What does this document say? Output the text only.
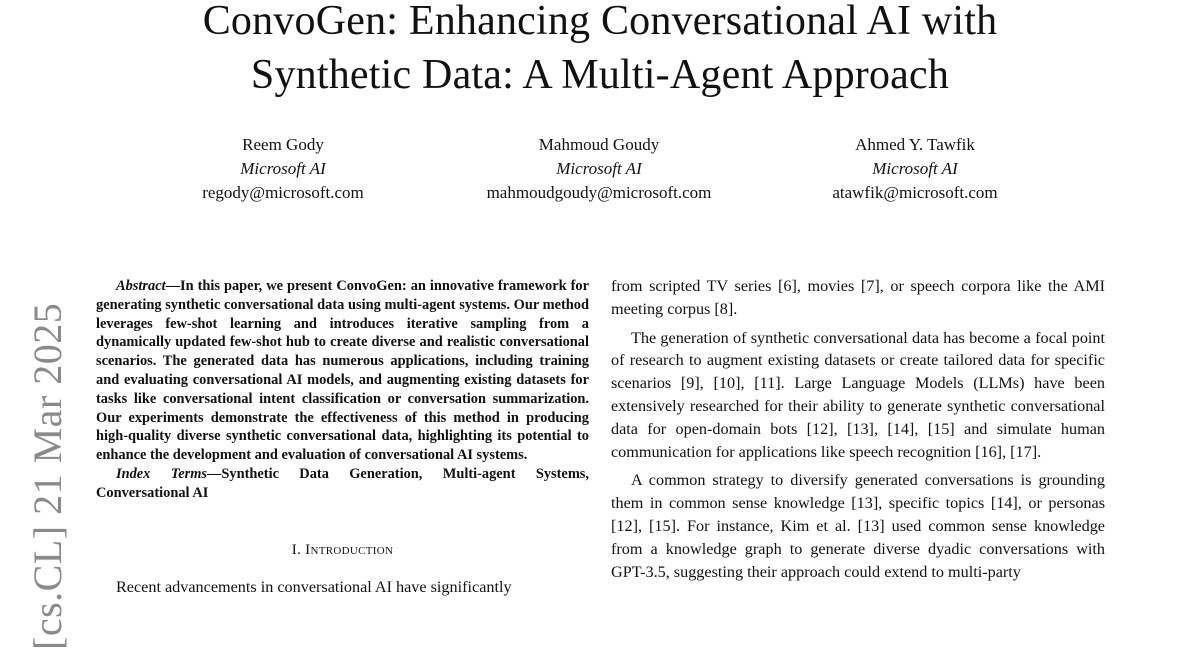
ConvoGen: Enhancing Conversational AI with
Synthetic Data: A Multi-Agent Approach
Reem Gody
Microsoft AI
regody@microsoft.com
Mahmoud Goudy
Microsoft AI
mahmoudgoudy@microsoft.com
Ahmed Y. Tawfik
Microsoft AI
atawfik@microsoft.com
[cs.CL] 21 Mar 2025

Abstract—In this paper, we present ConvoGen: an innovative framework for generating synthetic conversational data using multi-agent systems. Our method leverages few-shot learning and introduces iterative sampling from a dynamically updated few-shot hub to create diverse and realistic conversational scenarios. The generated data has numerous applications, including training and evaluating conversational AI models, and augmenting existing datasets for tasks like conversational intent classification or conversation summarization. Our experiments demonstrate the effectiveness of this method in producing high-quality diverse synthetic conversational data, highlighting its potential to enhance the development and evaluation of conversational AI systems.

Index Terms—Synthetic Data Generation, Multi-agent Systems, Conversational AI

I. Introduction

Recent advancements in conversational AI have significantly

from scripted TV series [6], movies [7], or speech corpora like the AMI meeting corpus [8].

The generation of synthetic conversational data has become a focal point of research to augment existing datasets or create tailored data for specific scenarios [9], [10], [11]. Large Language Models (LLMs) have been extensively researched for their ability to generate synthetic conversational data for open-domain bots [12], [13], [14], [15] and simulate human communication for applications like speech recognition [16], [17].

A common strategy to diversify generated conversations is grounding them in common sense knowledge [13], specific topics [14], or personas [12], [15]. For instance, Kim et al. [13] used common sense knowledge from a knowledge graph to generate diverse dyadic conversations with GPT-3.5, suggesting their approach could extend to multi-party
